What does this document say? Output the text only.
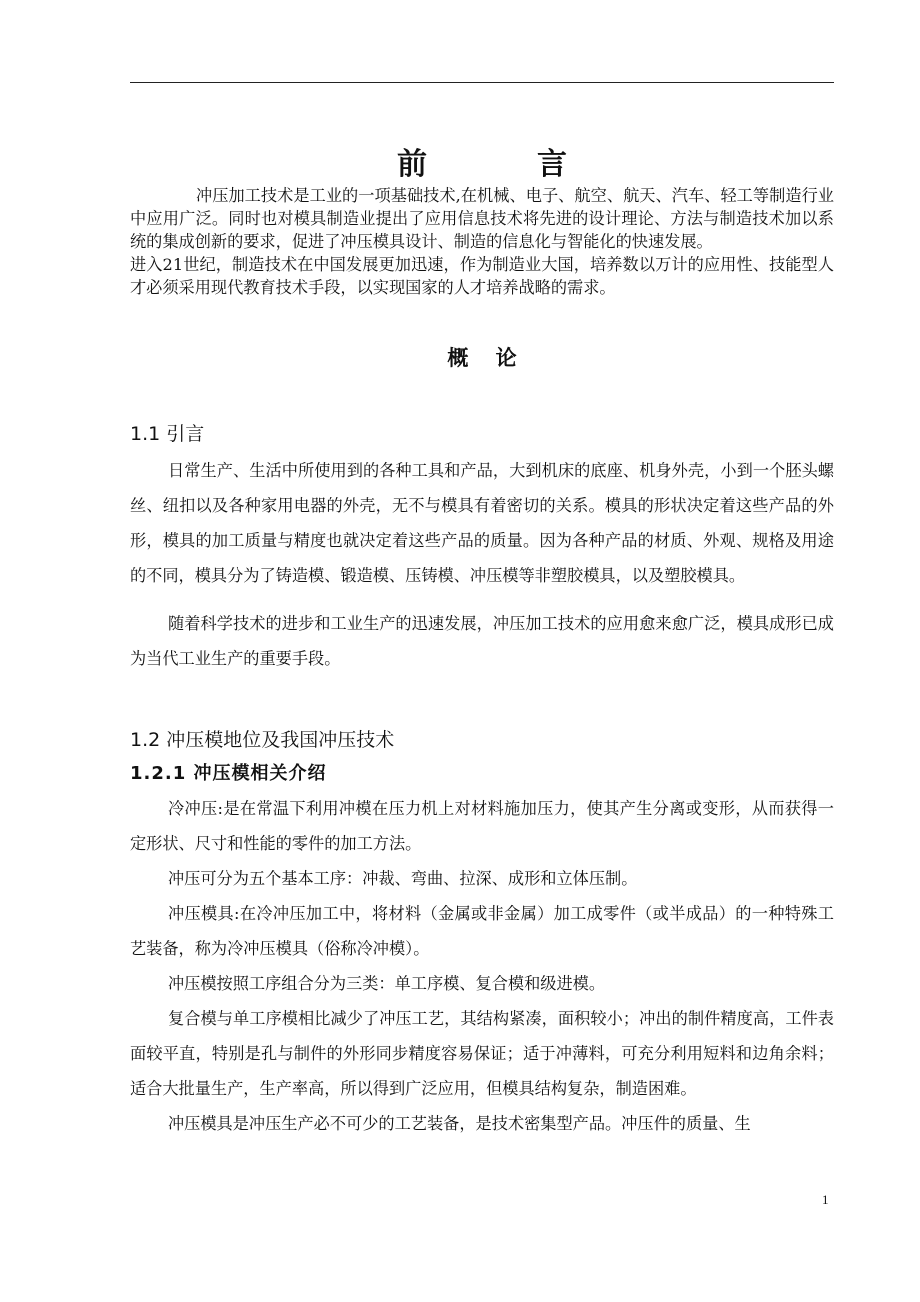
前　言

冲压加工技术是工业的一项基础技术,在机械、电子、航空、航天、汽车、轻工等制造行业中应用广泛。同时也对模具制造业提出了应用信息技术将先进的设计理论、方法与制造技术加以系统的集成创新的要求，促进了冲压模具设计、制造的信息化与智能化的快速发展。

进入21世纪，制造技术在中国发展更加迅速，作为制造业大国，培养数以万计的应用性、技能型人才必须采用现代教育技术手段，以实现国家的人才培养战略的需求。

概 论
1.1 引言

日常生产、生活中所使用到的各种工具和产品，大到机床的底座、机身外壳，小到一个胚头螺丝、纽扣以及各种家用电器的外壳，无不与模具有着密切的关系。模具的形状决定着这些产品的外形，模具的加工质量与精度也就决定着这些产品的质量。因为各种产品的材质、外观、规格及用途的不同，模具分为了铸造模、锻造模、压铸模、冲压模等非塑胶模具，以及塑胶模具。

随着科学技术的进步和工业生产的迅速发展，冲压加工技术的应用愈来愈广泛，模具成形已成为当代工业生产的重要手段。

1.2 冲压模地位及我国冲压技术
1.2.1 冲压模相关介绍

冷冲压:是在常温下利用冲模在压力机上对材料施加压力，使其产生分离或变形，从而获得一定形状、尺寸和性能的零件的加工方法。

冲压可分为五个基本工序：冲裁、弯曲、拉深、成形和立体压制。

冲压模具:在冷冲压加工中，将材料（金属或非金属）加工成零件（或半成品）的一种特殊工艺装备，称为冷冲压模具（俗称冷冲模）。

冲压模按照工序组合分为三类：单工序模、复合模和级进模。

复合模与单工序模相比减少了冲压工艺，其结构紧凑，面积较小；冲出的制件精度高，工件表面较平直，特别是孔与制件的外形同步精度容易保证；适于冲薄料，可充分利用短料和边角余料；适合大批量生产，生产率高，所以得到广泛应用，但模具结构复杂，制造困难。

冲压模具是冲压生产必不可少的工艺装备，是技术密集型产品。冲压件的质量、生

1
